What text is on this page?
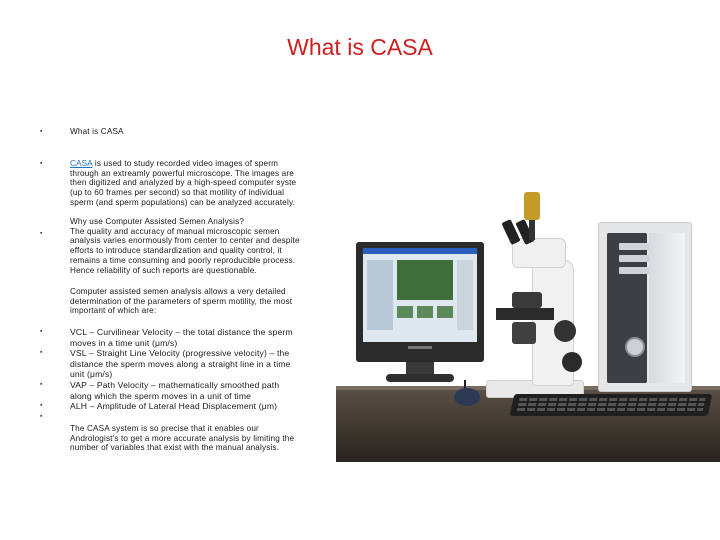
What is CASA
▪
▪
▪
▪
▪
▪
▪
▪
What is CASA
CASA is used to study recorded video images of sperm
through an extreamly powerful microscope. The images are
then digitized and analyzed by a high-speed computer syste
(up to 60 frames per second) so that motility of individual
sperm (and sperm populations) can be analyzed accurately.
Why use Computer Assisted Semen Analysis?
The quality and accuracy of manual microscopic semen
analysis varies enormously from center to center and despite
efforts to introduce standardization and quality control, it
remains a time consuming and poorly reproducible process.
Hence reliability of such reports are questionable.
Computer assisted semen analysis allows a very detailed
determination of the parameters of sperm motility, the most
important of which are:
VCL – Curvilinear Velocity – the total distance the sperm
moves in a time unit (μm/s)
VSL – Straight Line Velocity (progressive velocity) – the
distance the sperm moves along a straight line in a time
unit (μm/s)
VAP – Path Velocity – mathematically smoothed path
along which the sperm moves in a unit of time
ALH – Amplitude of Lateral Head Displacement (μm)
The CASA system is so precise that it enables our
Andrologist's to get a more accurate analysis by limiting the
number of variables that exist with the manual analysis.
